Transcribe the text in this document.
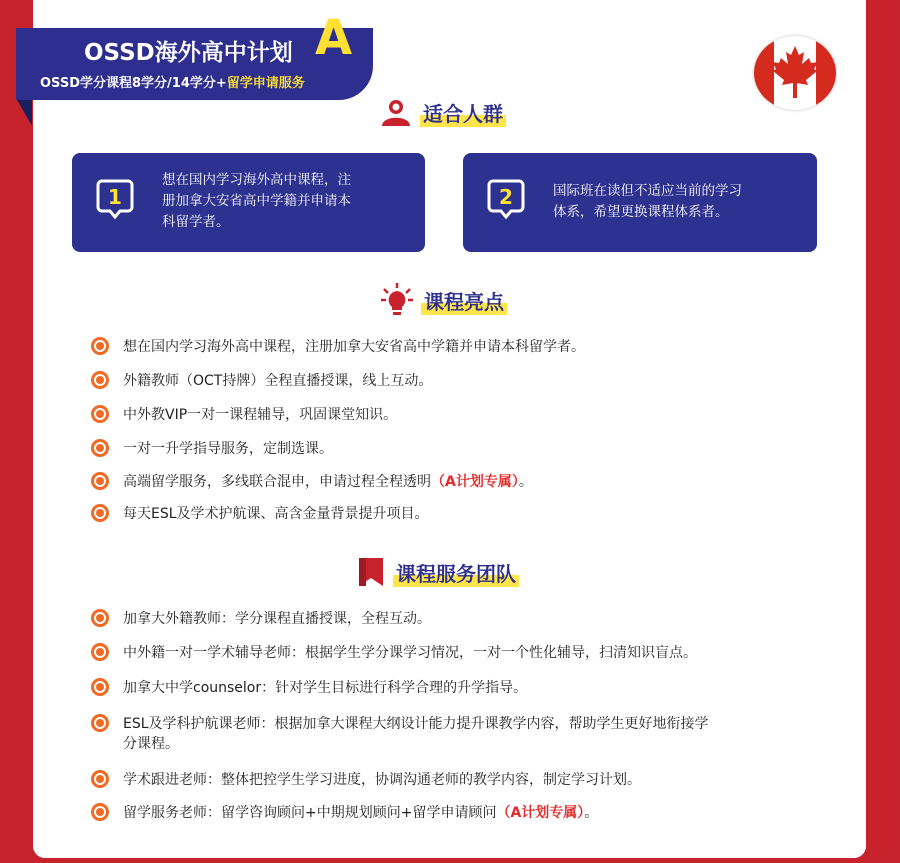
OSSD海外高中计划 A
OSSD学分课程8学分/14学分+留学申请服务
适合人群
1
想在国内学习海外高中课程，注
册加拿大安省高中学籍并申请本
科留学者。
2	国际班在读但不适应当前的学习
体系，希望更换课程体系者。
课程亮点
想在国内学习海外高中课程，注册加拿大安省高中学籍并申请本科留学者。
外籍教师（OCT持牌）全程直播授课，线上互动。
中外教VIP一对一课程辅导，巩固课堂知识。
一对一升学指导服务，定制选课。
高端留学服务，多线联合混申，申请过程全程透明（A计划专属）。
每天ESL及学术护航课、高含金量背景提升项目。
课程服务团队
加拿大外籍教师：学分课程直播授课，全程互动。
中外籍一对一学术辅导老师：根据学生学分课学习情况，一对一个性化辅导，扫清知识盲点。
加拿大中学counselor：针对学生目标进行科学合理的升学指导。
ESL及学科护航课老师：根据加拿大课程大纲设计能力提升课教学内容，帮助学生更好地衔接学
分课程。
学术跟进老师：整体把控学生学习进度，协调沟通老师的教学内容，制定学习计划。
留学服务老师：留学咨询顾问+中期规划顾问+留学申请顾问（A计划专属）。
